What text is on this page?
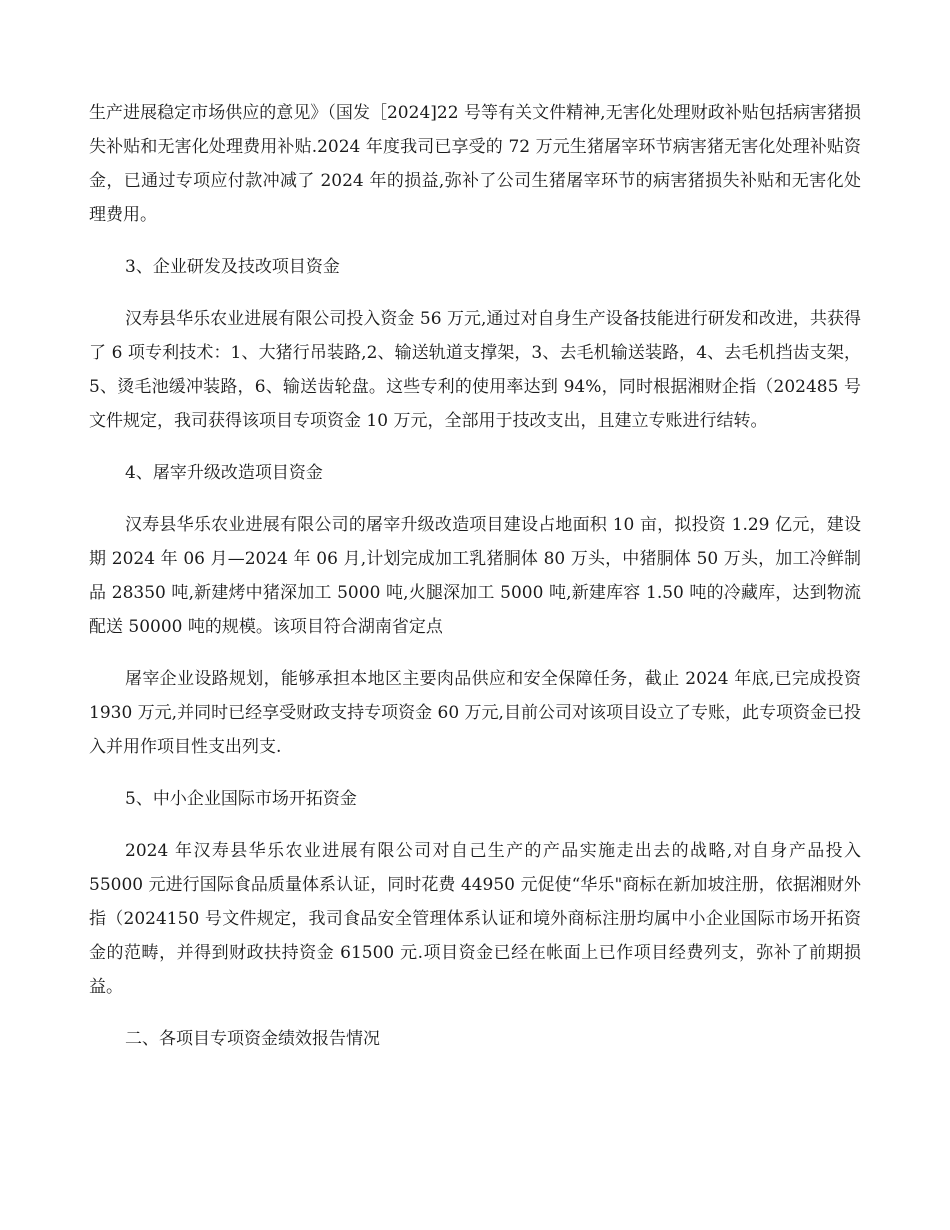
生产进展稳定市场供应的意见》（国发［2024]22 号等有关文件精神,无害化处理财政补贴包括病害猪损失补贴和无害化处理费用补贴.2024 年度我司已享受的 72 万元生猪屠宰环节病害猪无害化处理补贴资金，已通过专项应付款冲减了 2024 年的损益,弥补了公司生猪屠宰环节的病害猪损失补贴和无害化处理费用。

3、企业研发及技改项目资金

汉寿县华乐农业进展有限公司投入资金 56 万元,通过对自身生产设备技能进行研发和改进，共获得了 6 项专利技术：1、大猪行吊装路,2、输送轨道支撑架，3、去毛机输送装路，4、去毛机挡齿支架，5、烫毛池缓冲装路，6、输送齿轮盘。这些专利的使用率达到 94%，同时根据湘财企指（202485 号文件规定，我司获得该项目专项资金 10 万元，全部用于技改支出，且建立专账进行结转。

4、屠宰升级改造项目资金

汉寿县华乐农业进展有限公司的屠宰升级改造项目建设占地面积 10 亩，拟投资 1.29 亿元，建设期 2024 年 06 月—2024 年 06 月,计划完成加工乳猪胴体 80 万头，中猪胴体 50 万头，加工冷鲜制品 28350 吨,新建烤中猪深加工 5000 吨,火腿深加工 5000 吨,新建库容 1.50 吨的冷藏库，达到物流配送 50000 吨的规模。该项目符合湖南省定点

屠宰企业设路规划，能够承担本地区主要肉品供应和安全保障任务，截止 2024 年底,已完成投资 1930 万元,并同时已经享受财政支持专项资金 60 万元,目前公司对该项目设立了专账，此专项资金已投入并用作项目性支出列支.

5、中小企业国际市场开拓资金

2024 年汉寿县华乐农业进展有限公司对自己生产的产品实施走出去的战略,对自身产品投入 55000 元进行国际食品质量体系认证，同时花费 44950 元促使“华乐"商标在新加坡注册，依据湘财外指（2024150 号文件规定，我司食品安全管理体系认证和境外商标注册均属中小企业国际市场开拓资金的范畴，并得到财政扶持资金 61500 元.项目资金已经在帐面上已作项目经费列支，弥补了前期损益。

二、各项目专项资金绩效报告情况
